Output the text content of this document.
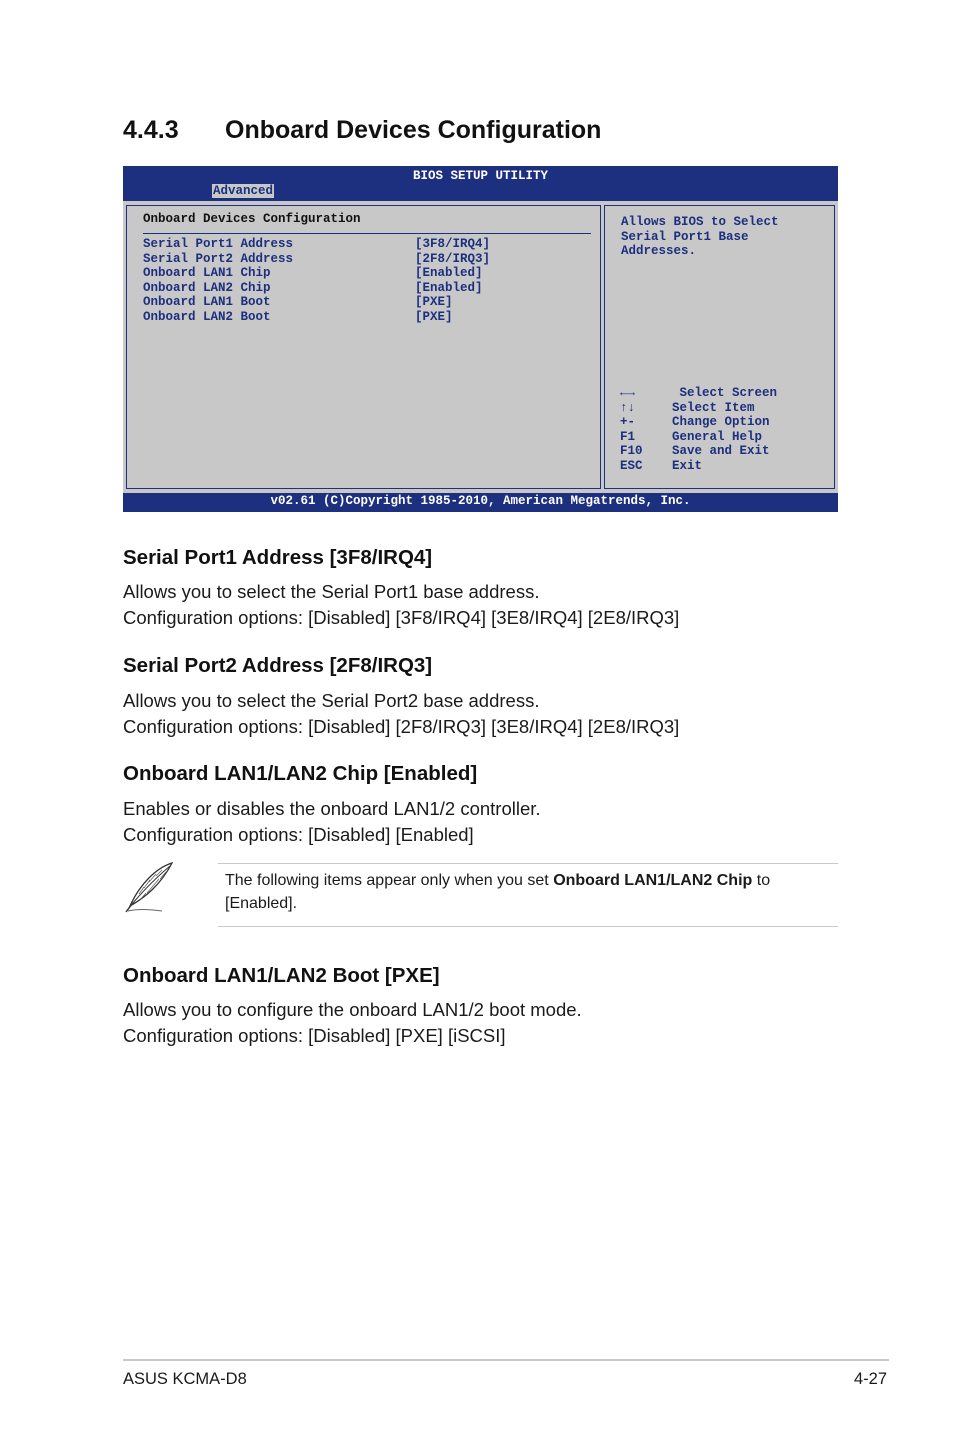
4.4.3 Onboard Devices Configuration
BIOS SETUP UTILITY
Advanced
Onboard Devices Configuration
Serial Port1 Address	[3F8/IRQ4]
Serial Port2 Address	[2F8/IRQ3]
Onboard LAN1 Chip	[Enabled]
Onboard LAN2 Chip	[Enabled]
Onboard LAN1 Boot	[PXE]
Onboard LAN2 Boot	[PXE]
Allows BIOS to Select
Serial Port1 Base
Addresses.
←→	Select Screen
↑↓	Select Item
+-	Change Option
F1	General Help
F10 Save and Exit
ESC Exit
v02.61 (C)Copyright 1985-2010, American Megatrends, Inc.
Serial Port1 Address [3F8/IRQ4]

Allows you to select the Serial Port1 base address.
Configuration options: [Disabled] [3F8/IRQ4] [3E8/IRQ4] [2E8/IRQ3]

Serial Port2 Address [2F8/IRQ3]

Allows you to select the Serial Port2 base address.
Configuration options: [Disabled] [2F8/IRQ3] [3E8/IRQ4] [2E8/IRQ3]

Onboard LAN1/LAN2 Chip [Enabled]

Enables or disables the onboard LAN1/2 controller.
Configuration options: [Disabled] [Enabled]

The following items appear only when you set Onboard LAN1/LAN2 Chip to [Enabled].

Onboard LAN1/LAN2 Boot [PXE]

Allows you to configure the onboard LAN1/2 boot mode.
Configuration options: [Disabled] [PXE] [iSCSI]

ASUS KCMA-D8	4-27
